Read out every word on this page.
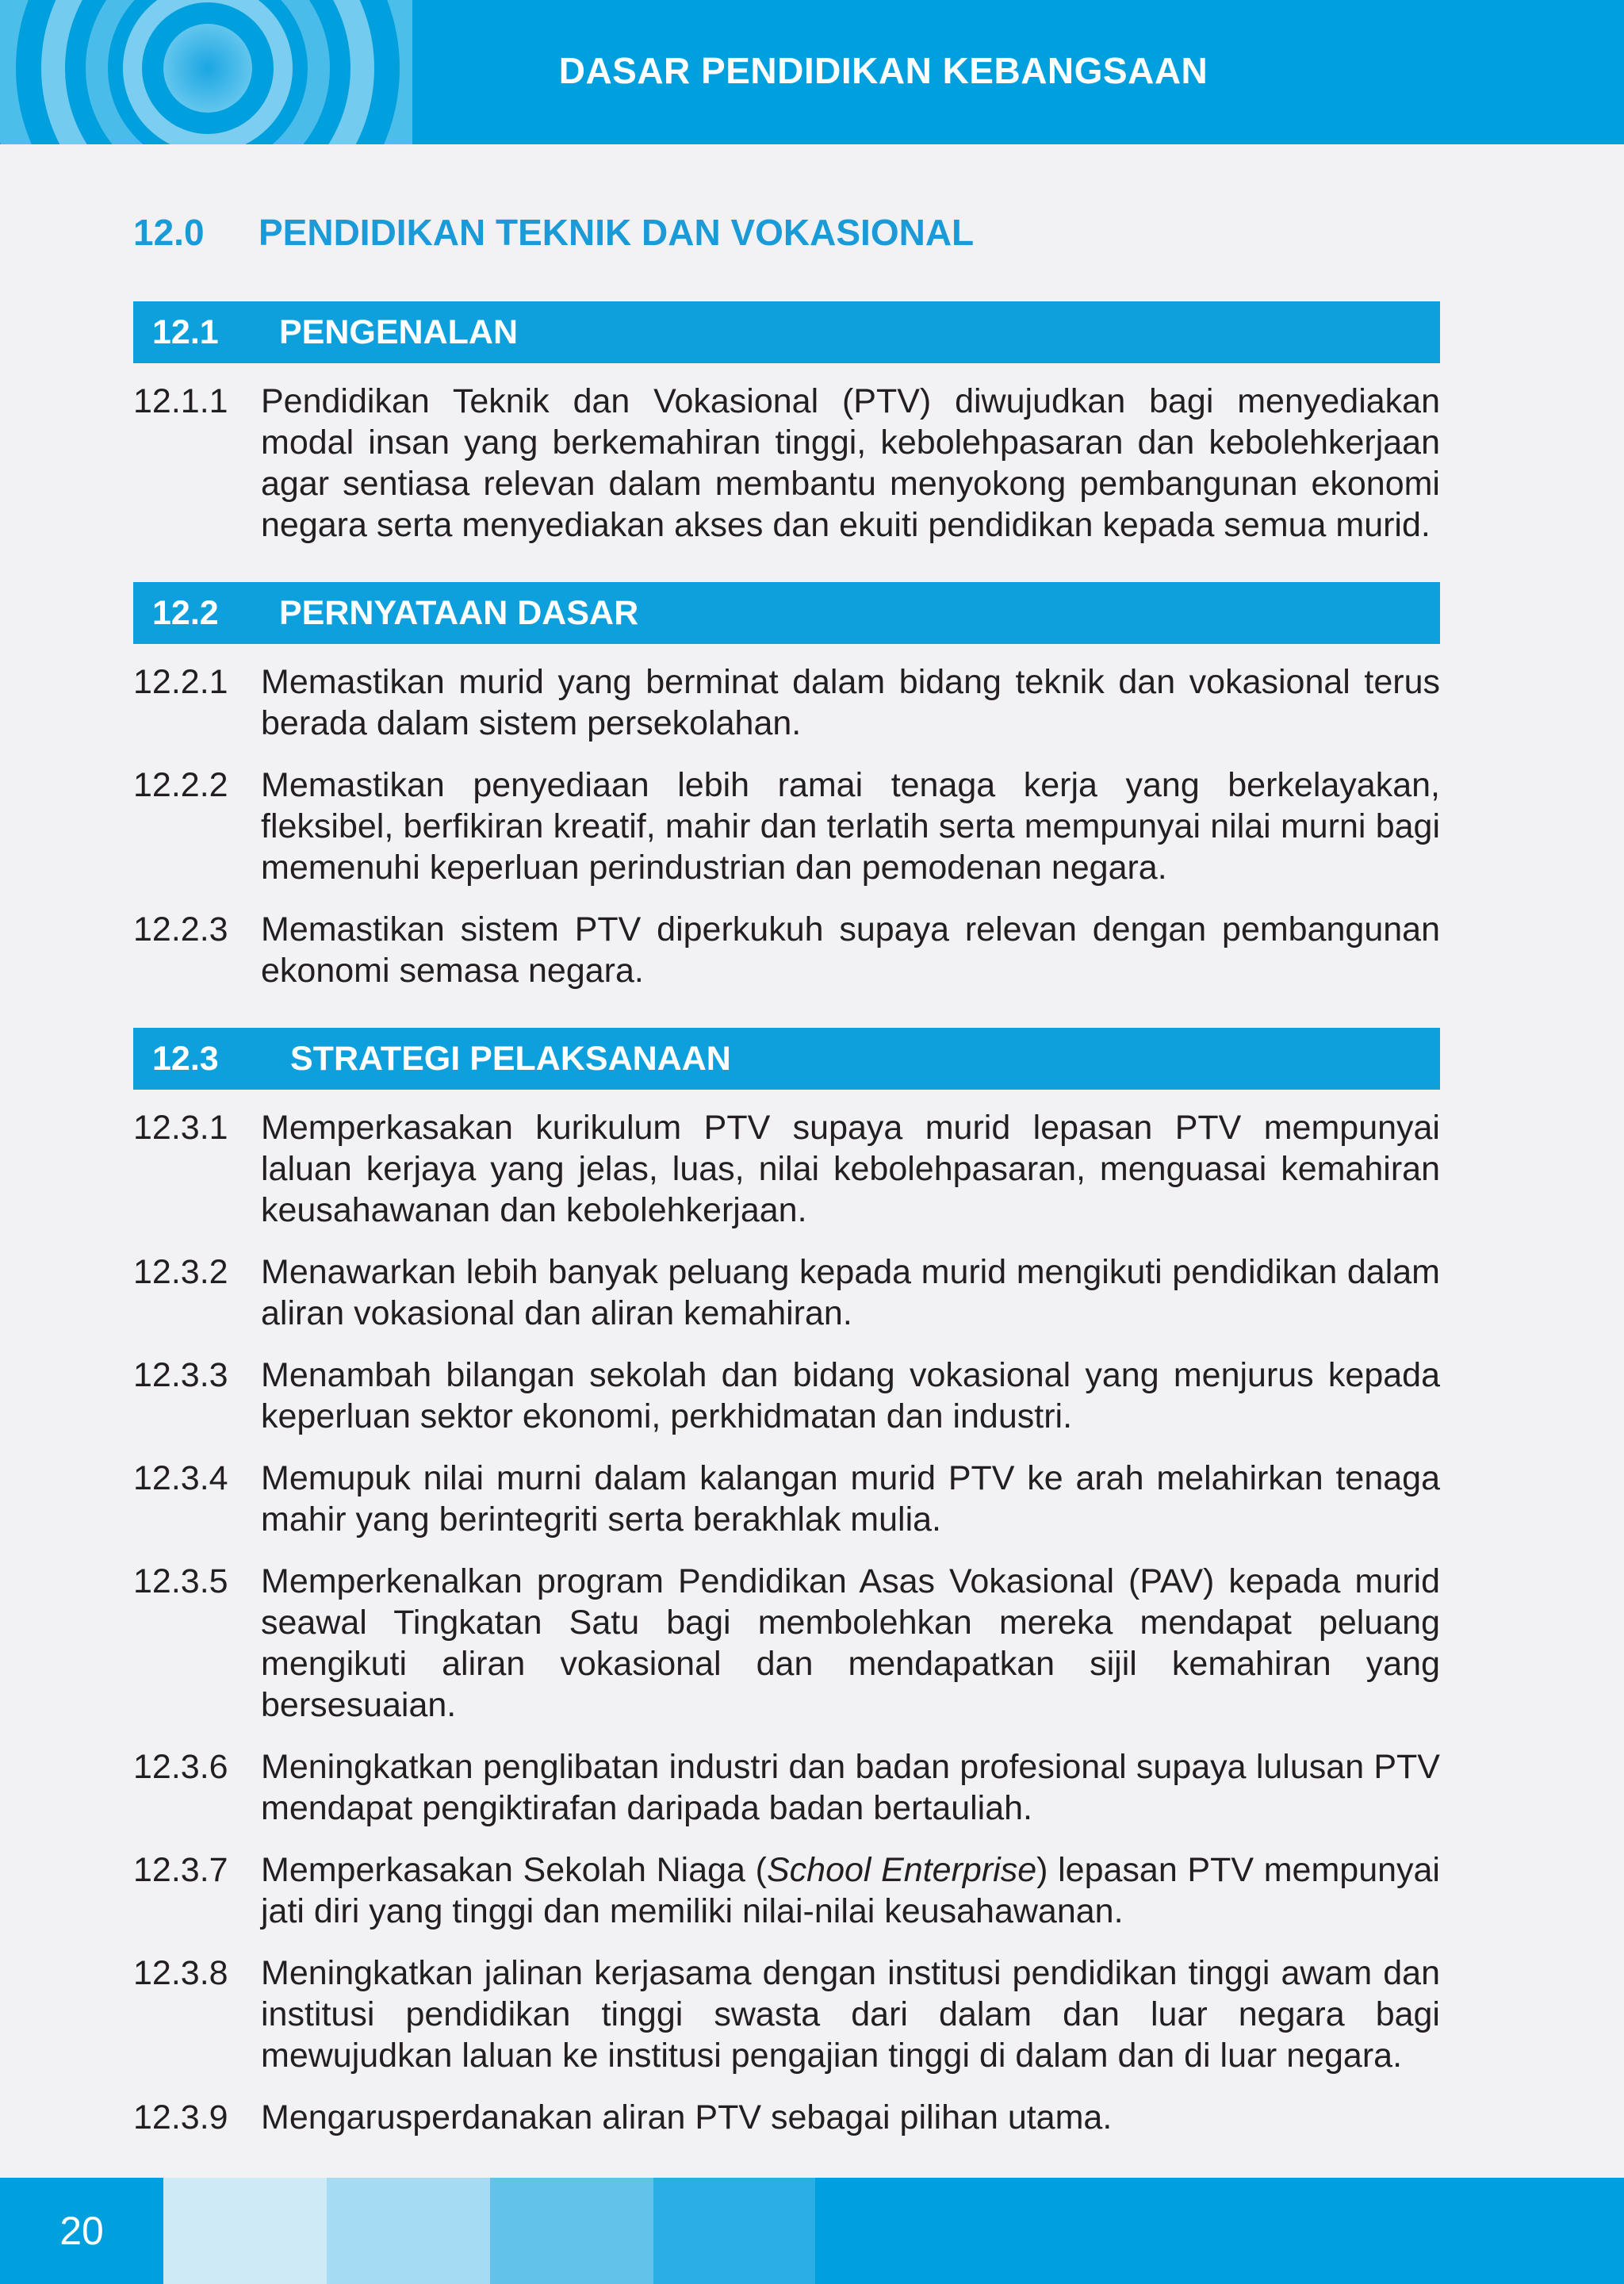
DASAR PENDIDIKAN KEBANGSAAN
12.0	PENDIDIKAN TEKNIK DAN VOKASIONAL
12.1	PENGENALAN
12.1.1 Pendidikan Teknik dan Vokasional (PTV) diwujudkan bagi menyediakan modal insan yang berkemahiran tinggi, kebolehpasaran dan kebolehkerjaan agar sentiasa relevan dalam membantu menyokong pembangunan ekonomi negara serta menyediakan akses dan ekuiti pendidikan kepada semua murid.
12.2	PERNYATAAN DASAR
12.2.1 Memastikan murid yang berminat dalam bidang teknik dan vokasional terus berada dalam sistem persekolahan.
12.2.2 Memastikan penyediaan lebih ramai tenaga kerja yang berkelayakan, fleksibel, berfikiran kreatif, mahir dan terlatih serta mempunyai nilai murni bagi memenuhi keperluan perindustrian dan pemodenan negara.
12.2.3 Memastikan sistem PTV diperkukuh supaya relevan dengan pembangunan ekonomi semasa negara.
12.3	STRATEGI PELAKSANAAN
12.3.1 Memperkasakan kurikulum PTV supaya murid lepasan PTV mempunyai laluan kerjaya yang jelas, luas, nilai kebolehpasaran, menguasai kemahiran keusahawanan dan kebolehkerjaan.
12.3.2 Menawarkan lebih banyak peluang kepada murid mengikuti pendidikan dalam aliran vokasional dan aliran kemahiran.
12.3.3 Menambah bilangan sekolah dan bidang vokasional yang menjurus kepada keperluan sektor ekonomi, perkhidmatan dan industri.
12.3.4 Memupuk nilai murni dalam kalangan murid PTV ke arah melahirkan tenaga mahir yang berintegriti serta berakhlak mulia.
12.3.5 Memperkenalkan program Pendidikan Asas Vokasional (PAV) kepada murid seawal Tingkatan Satu bagi membolehkan mereka mendapat peluang mengikuti aliran vokasional dan mendapatkan sijil kemahiran yang bersesuaian.
12.3.6 Meningkatkan penglibatan industri dan badan profesional supaya lulusan PTV mendapat pengiktirafan daripada badan bertauliah.
12.3.7 Memperkasakan Sekolah Niaga (School Enterprise) lepasan PTV mempunyai jati diri yang tinggi dan memiliki nilai-nilai keusahawanan.
12.3.8 Meningkatkan jalinan kerjasama dengan institusi pendidikan tinggi awam dan institusi pendidikan tinggi swasta dari dalam dan luar negara bagi mewujudkan laluan ke institusi pengajian tinggi di dalam dan di luar negara.
12.3.9 Mengarusperdanakan aliran PTV sebagai pilihan utama.
20
